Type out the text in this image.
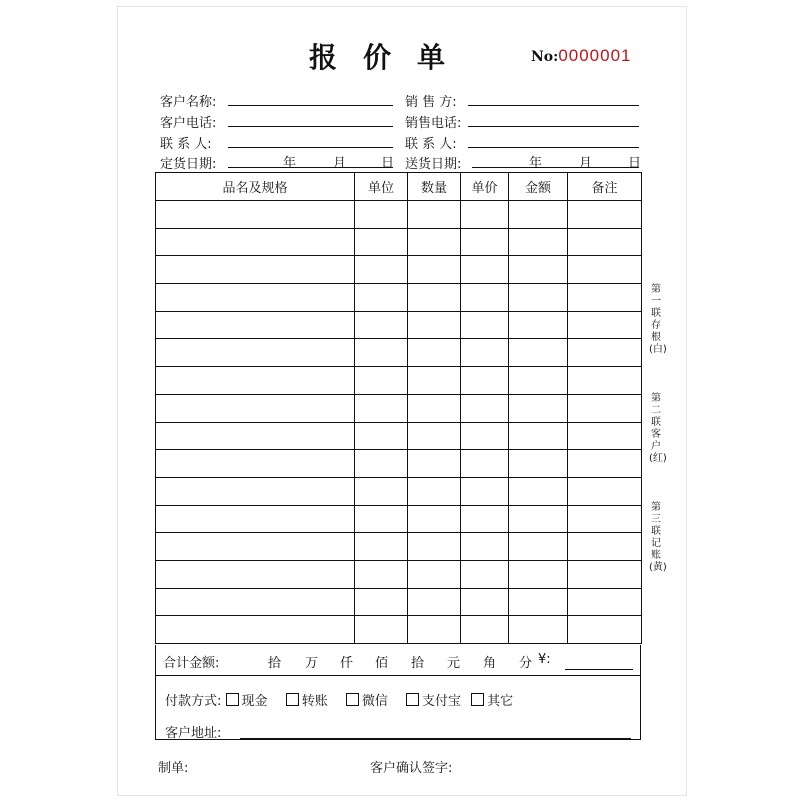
报价单	No:0000001
客户名称:	销 售 方:
客户电话:	销售电话:
联 系 人:	联 系 人:
定货日期:	年	月	日 送货日期:	年	月	日
品名及规格	单位	数量	单价	金额	备注

合计金额:	拾 万 仟 佰 拾 元 角 分 ¥:
付款方式: 现金	转账	微信	支付宝 其它
客户地址:
制单:	客户确认签字:
第一联存根(白)
第二联客户(红)
第三联记账(黄)
